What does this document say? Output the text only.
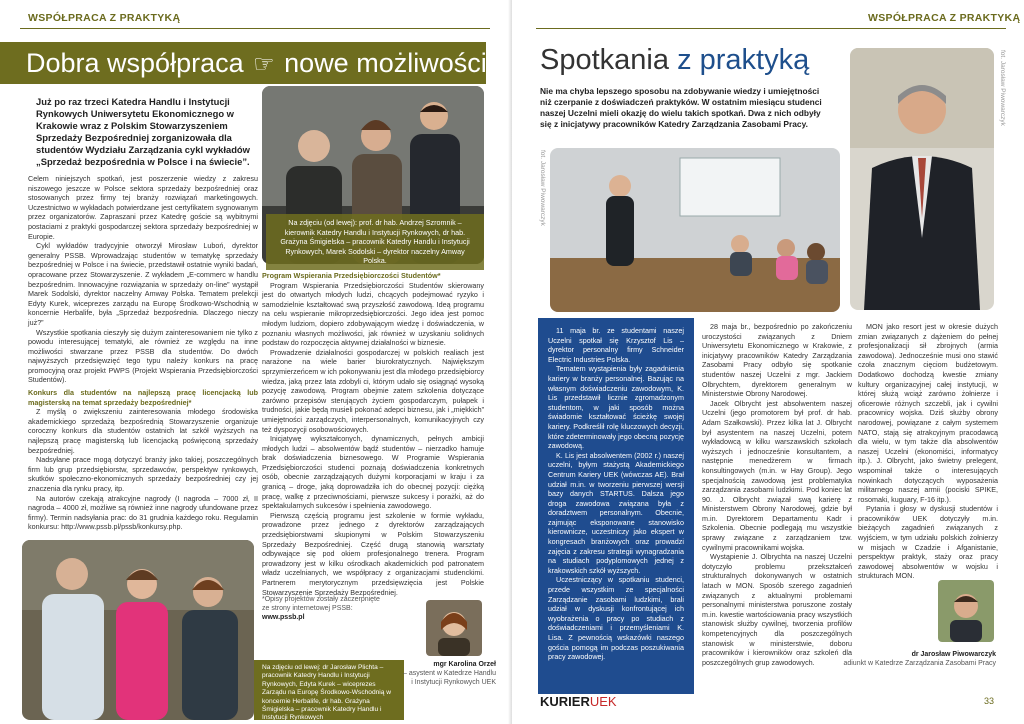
WSPÓŁPRACA Z PRAKTYKĄ
Dobra współpraca ☞ nowe możliwości
Już po raz trzeci Katedra Handlu i Instytucji Rynkowych Uniwersytetu Ekonomicznego w Krakowie wraz z Polskim Stowarzyszeniem Sprzedaży Bezpośredniej zorganizowała dla studentów Wydziału Zarządzania cykl wykładów „Sprzedaż bezpośrednia w Polsce i na świecie”.

Celem niniejszych spotkań, jest poszerzenie wiedzy z zakresu niszowego jeszcze w Polsce sektora sprzedaży bezpośredniej oraz stosowanych przez firmy tej branży rozwiązań marketingowych. Uczestnictwo w wykładach potwierdzane jest certyfikatem sygnowanym przez organizatorów. Zapraszani przez Katedrę goście są wybitnymi postaciami z praktyki gospodarczej sektora sprzedaży bezpośredniej w Europie.

Cykl wykładów tradycyjnie otworzył Mirosław Luboń, dyrektor generalny PSSB. Wprowadzając studentów w tematykę sprzedaży bezpośredniej w Polsce i na świecie, przedstawił ostatnie wyniki badań, opracowane przez Stowarzyszenie. Z wykładem „E-commerc w handlu bezpośrednim. Innowacyjne rozwiązania w sprzedaży on-line” wystąpił Marek Sodolski, dyrektor naczelny Amway Polska. Tematem prelekcji Edyty Kurek, wiceprezes zarządu na Europę Środkowo-Wschodnią w koncernie Herbalife, była „Sprzedaż bezpośrednia. Dlaczego nieczy już?”

Wszystkie spotkania cieszyły się dużym zainteresowaniem nie tylko z powodu interesującej tematyki, ale również ze względu na inne możliwości stwarzane przez PSSB dla studentów. Do dwóch najwyższych przedsięwzięć tego typu należy konkurs na pracę promocyjną oraz projekt PWPS (Projekt Wspierania Przedsiębiorczości Studentów).

Konkurs dla studentów na najlepszą pracę licencjacką lub magisterską na temat sprzedaży bezpośredniej*

Z myślą o zwiększeniu zainteresowania młodego środowiska akademickiego sprzedażą bezpośrednią Stowarzyszenie organizuje coroczny konkurs dla studentów ostatnich lat szkół wyższych na najlepszą pracę magisterską lub licencjacką poświęconą sprzedaży bezpośredniej.

Nadsyłane prace mogą dotyczyć branży jako takiej, poszczególnych firm lub grup przedsiębiorstw, sprzedawców, perspektyw rynkowych, skutków społeczno-ekonomicznych sprzedaży bezpośredniej czy jej znaczenia dla rynku pracy, itp.

Na autorów czekają atrakcyjne nagrody (I nagroda – 7000 zł, II nagroda – 4000 zł, możliwe są również inne nagrody ufundowane przez firmy). Termin nadsyłania prac: do 31 grudnia każdego roku. Regulamin konkursu: http://www.pssb.pl/pssb/konkursy.php.

Na zdjęciu (od lewej): prof. dr hab. Andrzej Szromnik – kierownik Katedry Handlu i Instytucji Rynkowych, dr hab. Grażyna Śmigielska – pracownik Katedry Handlu i Instytucji Rynkowych, Marek Sodolski – dyrektor naczelny Amway Polska.

Program Wspierania Przedsiębiorczości Studentów*

Program Wspierania Przedsiębiorczości Studentów skierowany jest do otwartych młodych ludzi, chcących podejmować ryzyko i samodzielnie kształtować swą przyszłość zawodową. Ideą programu na celu wspieranie mikroprzedsiębiorczości. Jego idea jest pomoc młodym ludziom, dopiero zdobywającym wiedzę i doświadczenia, w poznaniu własnych możliwości, jak również w uzyskaniu solidnych podstaw do rozpoczęcia aktywnej działalności w biznesie.

Prowadzenie działalności gospodarczej w polskich realiach jest narażone na wiele barier biurokratycznych. Największym sprzymierzeńcem w ich pokonywaniu jest dla młodego przedsiębiorcy wiedza, jaką przez lata zdobyli ci, którym udało się osiągnąć wysoką pozycję zawodową. Program obejmie zatem szkolenia dotyczące zarówno przepisów sterujących życiem gospodarczym, pułapek i trudności, jakie będą musieli pokonać adepci biznesu, jak i „miękkich” umiejętności zarządczych, interpersonalnych, komunikacyjnych czy też dyspozycji osobowościowych.

Inicjatywę wykształconych, dynamicznych, pełnych ambicji młodych ludzi – absolwentów bądź studentów – nierzadko hamuje brak doświadczenia biznesowego. W Programie Wspierania Przedsiębiorczości studenci poznają doświadczenia konkretnych osób, obecnie zarządzających dużymi korporacjami w kraju i za granicą – droge, jaką doprowadziła ich do obecnej pozycji: ciężką pracę, walkę z przeciwnościami, pierwsze sukcesy i porażki, aż do spektakularnych sukcesów i spełnienia zawodowego.

Pierwszą częścią programu jest szkolenie w formie wykładu, prowadzone przez jednego z dyrektorów zarządzających przedsiębiorstwami skupionymi w Polskim Stowarzyszeniu Sprzedaży Bezpośredniej. Część drugą stanowią warsztaty odbywające się pod okiem profesjonalnego trenera. Program prowadzony jest w kilku ośrodkach akademickich pod patronatem władz uczelnianych, we współpracy z organizacjami studenckimi. Partnerem merytorycznym przedsięwzięcia jest Polskie Stowarzyszenie Sprzedaży Bezpośredniej.

*Opisy projektów zostały zaczerpnięte
ze strony internetowej PSSB:
www.pssb.pl
Na zdjęciu od lewej: dr Jarosław Plichta – pracownik Katedry Handlu i Instytucji Rynkowych, Edyta Kurek – wiceprezes Zarządu na Europę Środkowo-Wschodnią w koncernie Herbalife, dr hab. Grażyna Śmigielska – pracownik Katedry Handlu i Instytucji Rynkowych
mgr Karolina Orzeł
– asystent w Katedrze Handlu
i Instytucji Rynkowych UEK
WSPÓŁPRACA Z PRAKTYKĄ
Spotkania z praktyką
Nie ma chyba lepszego sposobu na zdobywanie wiedzy i umiejętności niż czerpanie z doświadczeń praktyków. W ostatnim miesiącu studenci naszej Uczelni mieli okazję do wielu takich spotkań. Dwa z nich odbyły się z inicjatywy pracowników Katedry Zarządzania Zasobami Pracy.
fot. Jarosław Piwowarczyk
fot. Jarosław Piwowarczyk

11 maja br. ze studentami naszej Uczelni spotkał się Krzysztof Lis – dyrektor personalny firmy Schneider Electric Industries Polska.

Tematem wystąpienia były zagadnienia kariery w branży personalnej. Bazując na własnym doświadczeniu zawodowym, K. Lis przedstawił licznie zgromadzonym studentom, w jaki sposób można świadomie kształtować ścieżkę swojej kariery. Podkreślił rolę kluczowych decyzji, które zdeterminowały jego obecną pozycję zawodową.

K. Lis jest absolwentem (2002 r.) naszej uczelni, byłym stażystą Akademickiego Centrum Kariery UEK (wówczas AE). Brał udział m.in. w tworzeniu pierwszej wersji bazy danych STARTUS. Dalsza jego droga zawodowa związana była z doradztwem personalnym. Obecnie, zajmując eksponowane stanowisko kierownicze, uczestniczy jako ekspert w kongresach branżowych oraz prowadzi zajęcia z zakresu strategii wynagradzania na studiach podyplomowych jednej z krakowskich szkół wyższych.

Uczestniczący w spotkaniu studenci, przede wszystkim ze specjalności Zarządzanie zasobami ludzkimi, brali udział w dyskusji konfrontującej ich wyobrażenia o pracy po studiach z doświadczeniami i przemyśleniami K. Lisa. Z pewnością wskazówki naszego gościa pomogą im podczas poszukiwania pracy zawodowej.

28 maja br., bezpośrednio po zakończeniu uroczystości związanych z Dniem Uniwersytetu Ekonomicznego w Krakowie, z inicjatywy pracowników Katedry Zarządzania Zasobami Pracy odbyło się spotkanie studentów naszej Uczelni z mgr. Jackiem Olbrychtem, dyrektorem generalnym w Ministerstwie Obrony Narodowej.

Jacek Olbrycht jest absolwentem naszej Uczelni (jego promotorem był prof. dr hab. Adam Szałkowski). Przez kilka lat J. Olbrycht był asystentem na naszej Uczelni, potem wykładowcą w kilku warszawskich szkołach wyższych i jednocześnie konsultantem, a następnie menedżerem w firmach konsultingowych (m.in. w Hay Group). Jego specjalnością zawodową jest problematyka zarządzania zasobami ludzkimi. Pod koniec lat 90. J. Olbrycht związał swą karierę z Ministerstwem Obrony Narodowej, gdzie był m.in. Dyrektorem Departamentu Kadr i Szkolenia. Obecnie podlegają mu wszystkie sprawy związane z zarządzaniem tzw. cywilnymi pracownikami wojska.

Wystąpienie J. Olbrychta na naszej Uczelni dotyczyło problemu przekształceń strukturalnych dokonywanych w ostatnich latach w MON. Sposób szerego zagadnień związanych z aktualnymi problemami personalnymi ministerstwa poruszone zostały m.in. kwestie wartościowania pracy wszystkich stanowisk służby cywilnej, tworzenia profilów kompetencyjnych dla poszczególnych stanowisk w ministerstwie, doboru pracowników i kierowników oraz szkoleń dla poszczególnych grup zawodowych.

MON jako resort jest w okresie dużych zmian związanych z dążeniem do pełnej profesjonalizacji sił zbrojnych (armia zawodowa). Jednocześnie musi ono stawić czoła znacznym cięciom budżetowym. Dodatkowo dochodzą kwestie zmiany kultury organizacyjnej całej instytucji, w której służą wciąż zarówno żołnierze i oficerowie różnych szczebli, jak i cywilni pracownicy wojska. Dziś służby obrony narodowej, powiązane z całym systemem NATO, stają się atrakcyjnym pracodawcą dla wielu, w tym także dla absolwentów naszej Uczelni (ekonomiści, informatycy itp.). J. Olbrycht, jako świetny prelegent, wspominał także o interesujących nowinkach dotyczących wyposażenia militarnego naszej armii (pociski SPIKE, rosomaki, kuguary, F-16 itp.).

Pytania i głosy w dyskusji studentów i pracowników UEK dotyczyły m.in. bieżących zagadnień związanych z wyjściem, w tym udziału polskich żołnierzy w misjach w Czadzie i Afganistanie, perspektyw praktyk, staży oraz pracy zawodowej absolwentów w wojsku i strukturach MON.

dr Jarosław Piwowarczyk
adiunkt w Katedrze Zarządzania Zasobami Pracy
KURIERUEK	33
